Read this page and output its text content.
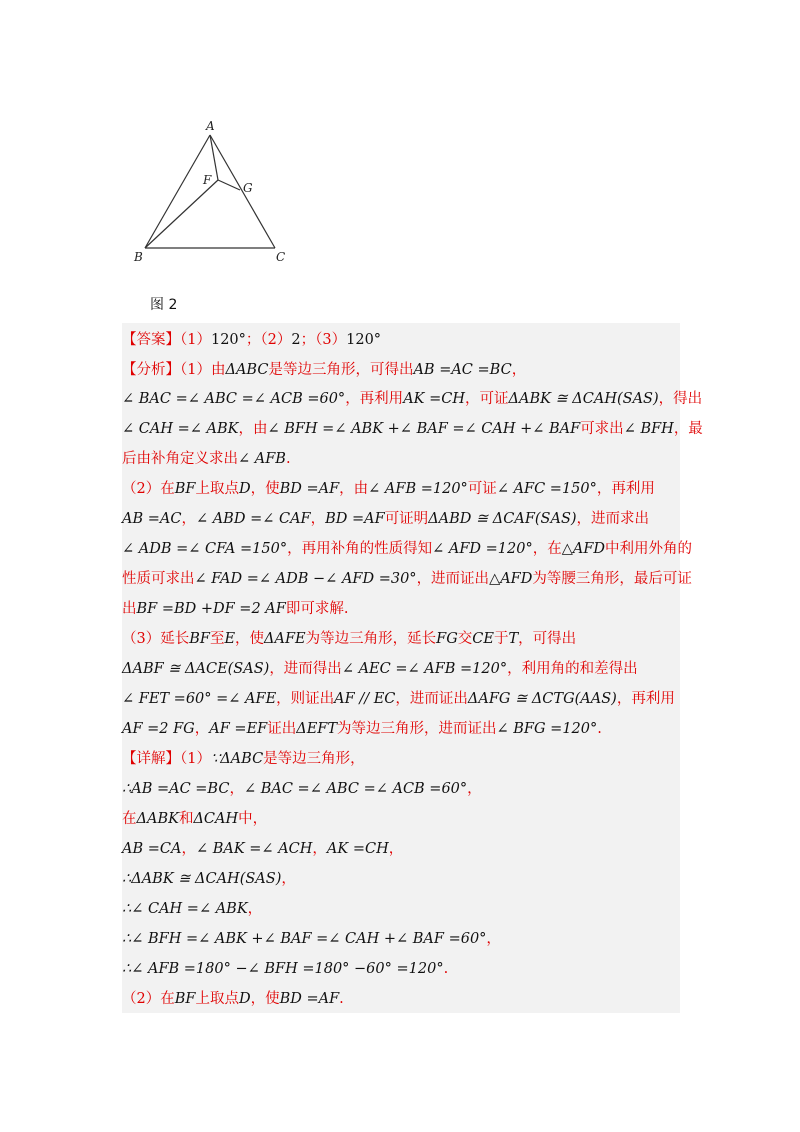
A
F
G
B	C
图 2
【答案】（1）120°；（2）2；（3）120°
【分析】（1）由ΔABC是等边三角形，可得出AB =AC =BC，
∠ BAC =∠ ABC =∠ ACB =60°，再利用AK =CH，可证ΔABK ≅ ΔCAH(SAS)，得出
∠ CAH =∠ ABK，由∠ BFH =∠ ABK +∠ BAF =∠ CAH +∠ BAF可求出∠ BFH，最
后由补角定义求出∠ AFB.
（2）在BF上取点D，使BD =AF，由∠ AFB =120°可证∠ AFC =150°，再利用
AB =AC，∠ ABD =∠ CAF，BD =AF可证明ΔABD ≅ ΔCAF(SAS)，进而求出
∠ ADB =∠ CFA =150°，再用补角的性质得知∠ AFD =120°，在△AFD中利用外角的
性质可求出∠ FAD =∠ ADB −∠ AFD =30°，进而证出△AFD为等腰三角形，最后可证
出BF =BD +DF =2 AF即可求解.
（3）延长BF至E，使ΔAFE为等边三角形，延长FG交CE于T，可得出
ΔABF ≅ ΔACE(SAS)，进而得出∠ AEC =∠ AFB =120°，利用角的和差得出
∠ FET =60° =∠ AFE，则证出AF // EC，进而证出ΔAFG ≅ ΔCTG(AAS)，再利用
AF =2 FG，AF =EF证出ΔEFT为等边三角形，进而证出∠ BFG =120°.
【详解】（1）∵ΔABC是等边三角形，
∴AB =AC =BC，∠ BAC =∠ ABC =∠ ACB =60°，
在ΔABK和ΔCAH中，
AB =CA，∠ BAK =∠ ACH，AK =CH，
∴ΔABK ≅ ΔCAH(SAS)，
∴∠ CAH =∠ ABK，
∴∠ BFH =∠ ABK +∠ BAF =∠ CAH +∠ BAF =60°，
∴∠ AFB =180° −∠ BFH =180° −60° =120°.
（2）在BF上取点D，使BD =AF.
